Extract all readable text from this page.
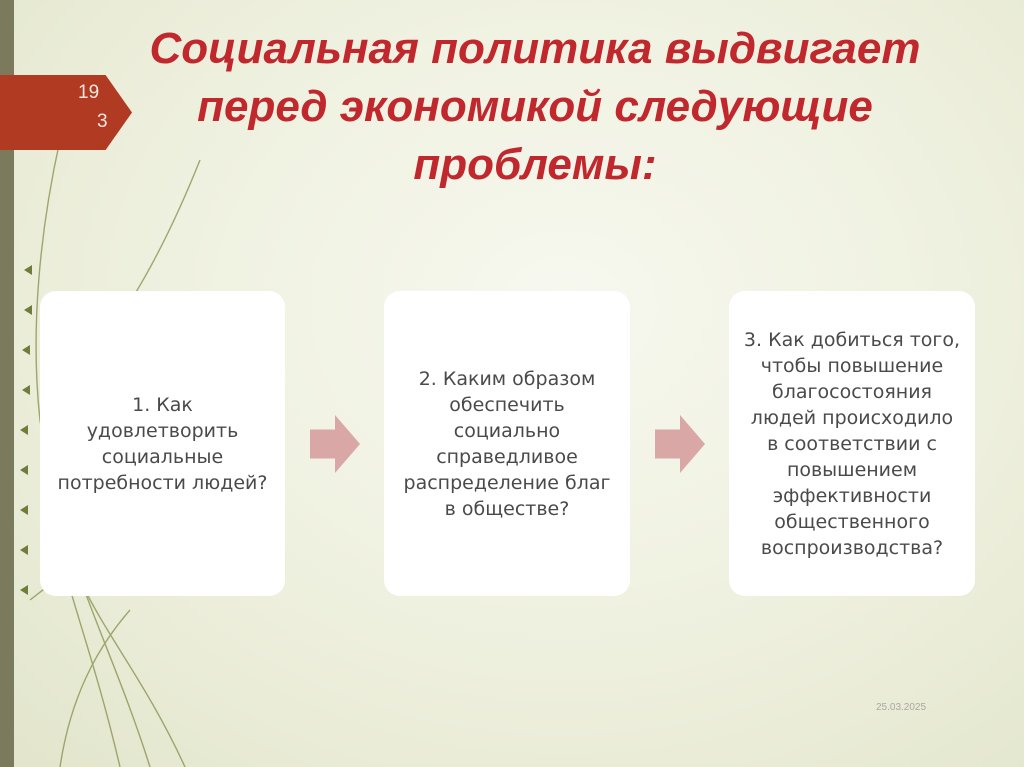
19
3
Социальная политика выдвигает перед экономикой следующие проблемы:

1. Как удовлетворить социальные потребности людей?

2. Каким образом обеспечить социально справедливое распределение благ в обществе?

3. Как добиться того, чтобы повышение благосостояния людей происходило в соответствии с повышением эффективности общественного воспроизводства?

25.03.2025
